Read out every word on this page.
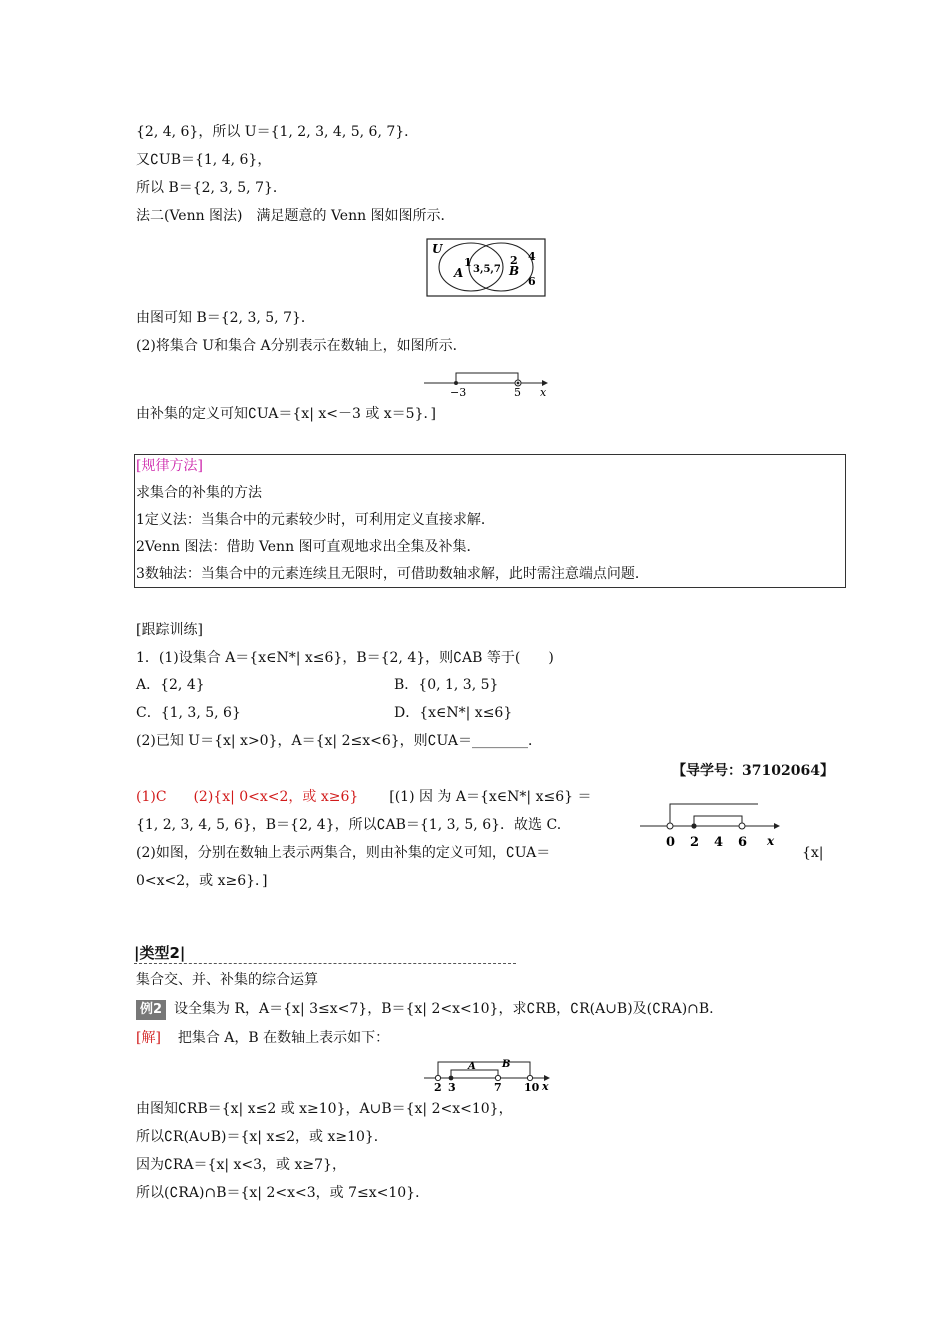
{2, 4, 6}，所以 U＝{1, 2, 3, 4, 5, 6, 7}．
又∁UB＝{1, 4, 6}，
所以 B＝{2, 3, 5, 7}．
法二(Venn 图法)　满足题意的 Venn 图如图所示．
U
A	B
1
3,5,7
2 4
6
由图可知 B＝{2, 3, 5, 7}．
(2)将集合 U和集合 A分别表示在数轴上，如图所示．
−3	5 x
由补集的定义可知∁UA＝{x| x<－3 或 x＝5}．]
[规律方法]
求集合的补集的方法
1定义法：当集合中的元素较少时，可利用定义直接求解．
2Venn 图法：借助 Venn 图可直观地求出全集及补集．
3数轴法：当集合中的元素连续且无限时，可借助数轴求解，此时需注意端点问题．
[跟踪训练]
1．(1)设集合 A＝{x∈N*| x≤6}，B＝{2, 4}，则∁AB 等于(　　)
A．{2, 4}	B．{0, 1, 3, 5}
C．{1, 3, 5, 6}	D．{x∈N*| x≤6}
(2)已知 U＝{x| x>0}，A＝{x| 2≤x<6}，则∁UA＝________．
【导学号：37102064】
(1)C (2){x| 0<x<2，或 x≥6} [(1) 因 为 A＝{x∈N*| x≤6} ＝
{1, 2, 3, 4, 5, 6}，B＝{2, 4}，所以∁AB＝{1, 3, 5, 6}．故选 C.
(2)如图，分别在数轴上表示两集合，则由补集的定义可知，∁UA＝	{x|
0<x<2，或 x≥6}．]
0 2 4 6 x
|类型2|
集合交、并、补集的综合运算
例2 设全集为 R，A＝{x| 3≤x<7}，B＝{x| 2<x<10}，求∁RB，∁R(A∪B)及(∁RA)∩B.
[解] 把集合 A，B 在数轴上表示如下：
A	B
2 3	7 10 x
由图知∁RB＝{x| x≤2 或 x≥10}，A∪B＝{x| 2<x<10}，
所以∁R(A∪B)＝{x| x≤2，或 x≥10}．
因为∁RA＝{x| x<3，或 x≥7}，
所以(∁RA)∩B＝{x| 2<x<3，或 7≤x<10}．
